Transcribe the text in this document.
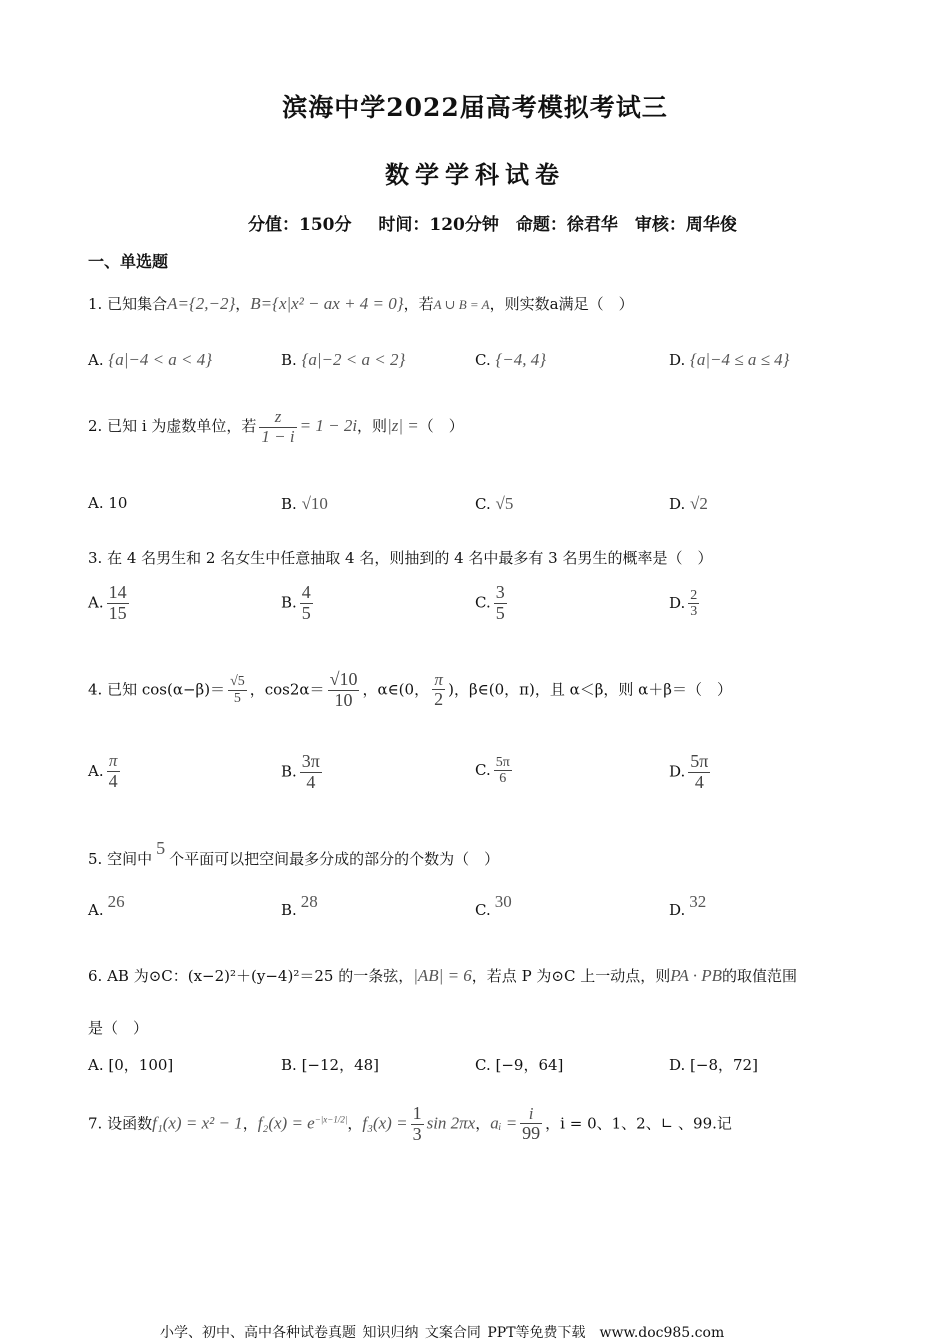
滨海中学2022届高考模拟考试三
数学学科试卷
分值：150分　 时间：120分钟　命题：徐君华　审核：周华俊
一、单选题
1. 已知集合A={2,−2}，B={x|x² − ax + 4 = 0}，若A ∪ B = A，则实数a满足（　）
A. {a|−4 < a < 4}	B. {a|−2 < a < 2}	C. {−4, 4}	D. {a|−4 ≤ a ≤ 4}
2. 已知 i 为虚数单位，若 $\frac{z}{1 - i} = 1 - 2i$，则|z| =（　）
A. 10	B. √10	C. √5	D. √2
3. 在 4 名男生和 2 名女生中任意抽取 4 名，则抽到的 4 名中最多有 3 名男生的概率是（　）
A. $\frac{14}{15}$	B. $\frac{4}{5}$	C. $\frac{3}{5}$	D. $\frac{2}{3}$
4. 已知 $\cos(\alpha-\beta)= \frac{√5}{5}$ ，$\cos 2\alpha= \frac{√10}{10}$ ，α∈(0， $\frac{\pi}{2}$ )，β∈(0，π)，且 α＜β，则 α＋β＝（　）
A. $\frac{\pi}{4}$	B. $\frac{3\pi}{4}$	C. $\frac{5\pi}{6}$	D. $\frac{5\pi}{4}$
5. 空间中5个平面可以把空间最多分成的部分的个数为（　）
A. 26	B. 28	C. 30	D. 32
6. AB 为⊙C：(x−2)²＋(y−4)²＝25 的一条弦，|AB| = 6，若点 P 为⊙C 上一动点，则PA · PB的取值范围
是（　）
A. [0，100]	B. [−12，48]	C. [−9，64]	D. [−8，72]
7. 设函数f₁(x) = x² − 1，$f_2(x) = e^{-|x-1/2|}$，$f_3(x) = \frac{1}{3}$ sin 2πx，aᵢ = $\frac{i}{99}$ ，i = 0、1、2、∟ 、99.记
小学、初中、高中各种试卷真题 知识归纳 文案合同 PPT等免费下载　www.doc985.com
